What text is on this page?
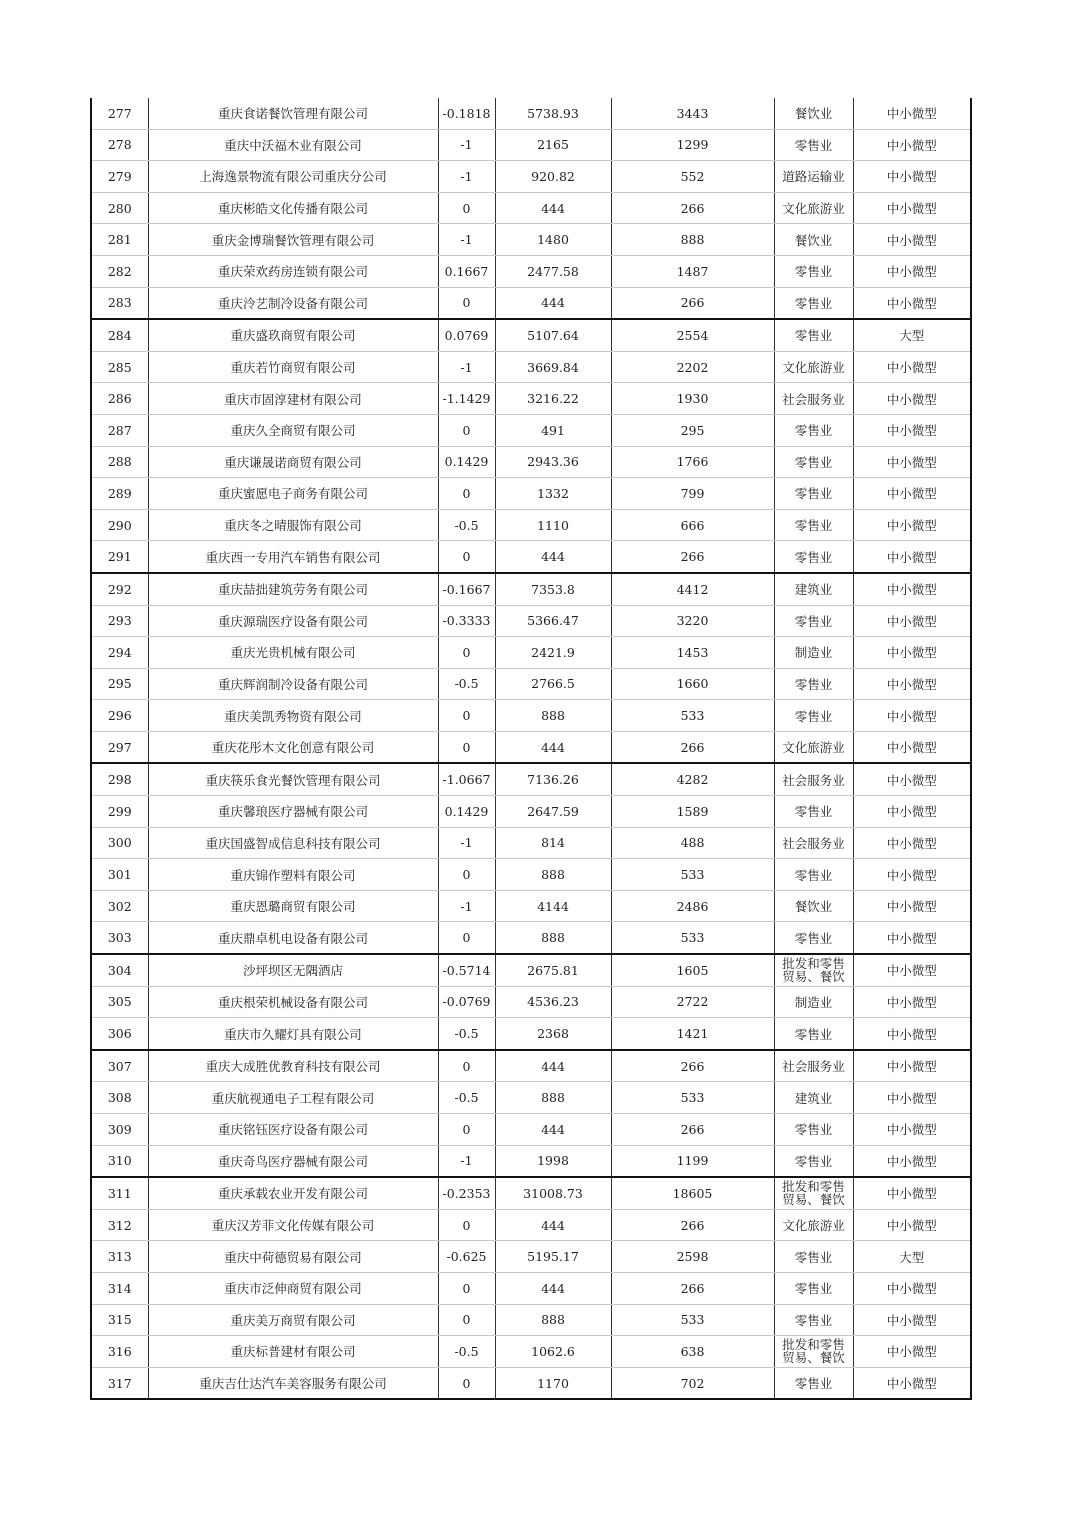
277	重庆食诺餐饮管理有限公司	-0.1818	5738.93	3443	餐饮业	中小微型
278	重庆中沃福木业有限公司	-1	2165	1299	零售业	中小微型
279	上海逸景物流有限公司重庆分公司	-1	920.82	552	道路运输业	中小微型
280	重庆彬皓文化传播有限公司	0	444	266	文化旅游业	中小微型
281	重庆金博瑞餐饮管理有限公司	-1	1480	888	餐饮业	中小微型
282	重庆荣欢药房连锁有限公司	0.1667	2477.58	1487	零售业	中小微型
283	重庆泠艺制冷设备有限公司	0	444	266	零售业	中小微型
284	重庆盛玖商贸有限公司	0.0769	5107.64	2554	零售业	大型
285	重庆若竹商贸有限公司	-1	3669.84	2202	文化旅游业	中小微型
286	重庆市固淳建材有限公司	-1.1429	3216.22	1930	社会服务业	中小微型
287	重庆久全商贸有限公司	0	491	295	零售业	中小微型
288	重庆谦晟诺商贸有限公司	0.1429	2943.36	1766	零售业	中小微型
289	重庆蜜愿电子商务有限公司	0	1332	799	零售业	中小微型
290	重庆冬之晴服饰有限公司	-0.5	1110	666	零售业	中小微型
291	重庆西一专用汽车销售有限公司	0	444	266	零售业	中小微型
292	重庆喆拙建筑劳务有限公司	-0.1667	7353.8	4412	建筑业	中小微型
293	重庆源瑞医疗设备有限公司	-0.3333	5366.47	3220	零售业	中小微型
294	重庆光贵机械有限公司	0	2421.9	1453	制造业	中小微型
295	重庆辉润制冷设备有限公司	-0.5	2766.5	1660	零售业	中小微型
296	重庆美凯秀物资有限公司	0	888	533	零售业	中小微型
297	重庆花彤木文化创意有限公司	0	444	266	文化旅游业	中小微型
298	重庆筷乐食光餐饮管理有限公司	-1.0667	7136.26	4282	社会服务业	中小微型
299	重庆馨琅医疗器械有限公司	0.1429	2647.59	1589	零售业	中小微型
300	重庆国盛智成信息科技有限公司	-1	814	488	社会服务业	中小微型
301	重庆锦作塑料有限公司	0	888	533	零售业	中小微型
302	重庆恩璐商贸有限公司	-1	4144	2486	餐饮业	中小微型
303	重庆鼎卓机电设备有限公司	0	888	533	零售业	中小微型
304	沙坪坝区无隅酒店	-0.5714	2675.81	1605	批发和零售贸易、餐饮	中小微型
305	重庆根荣机械设备有限公司	-0.0769	4536.23	2722	制造业	中小微型
306	重庆市久耀灯具有限公司	-0.5	2368	1421	零售业	中小微型
307	重庆大成胜优教育科技有限公司	0	444	266	社会服务业	中小微型
308	重庆航视通电子工程有限公司	-0.5	888	533	建筑业	中小微型
309	重庆铭钰医疗设备有限公司	0	444	266	零售业	中小微型
310	重庆奇鸟医疗器械有限公司	-1	1998	1199	零售业	中小微型
311	重庆承载农业开发有限公司	-0.2353	31008.73	18605	批发和零售贸易、餐饮	中小微型
312	重庆汉芳菲文化传媒有限公司	0	444	266	文化旅游业	中小微型
313	重庆中荷德贸易有限公司	-0.625	5195.17	2598	零售业	大型
314	重庆市泛伸商贸有限公司	0	444	266	零售业	中小微型
315	重庆美万商贸有限公司	0	888	533	零售业	中小微型
316	重庆标普建材有限公司	-0.5	1062.6	638	批发和零售贸易、餐饮	中小微型
317	重庆吉仕达汽车美容服务有限公司	0	1170	702	零售业	中小微型
